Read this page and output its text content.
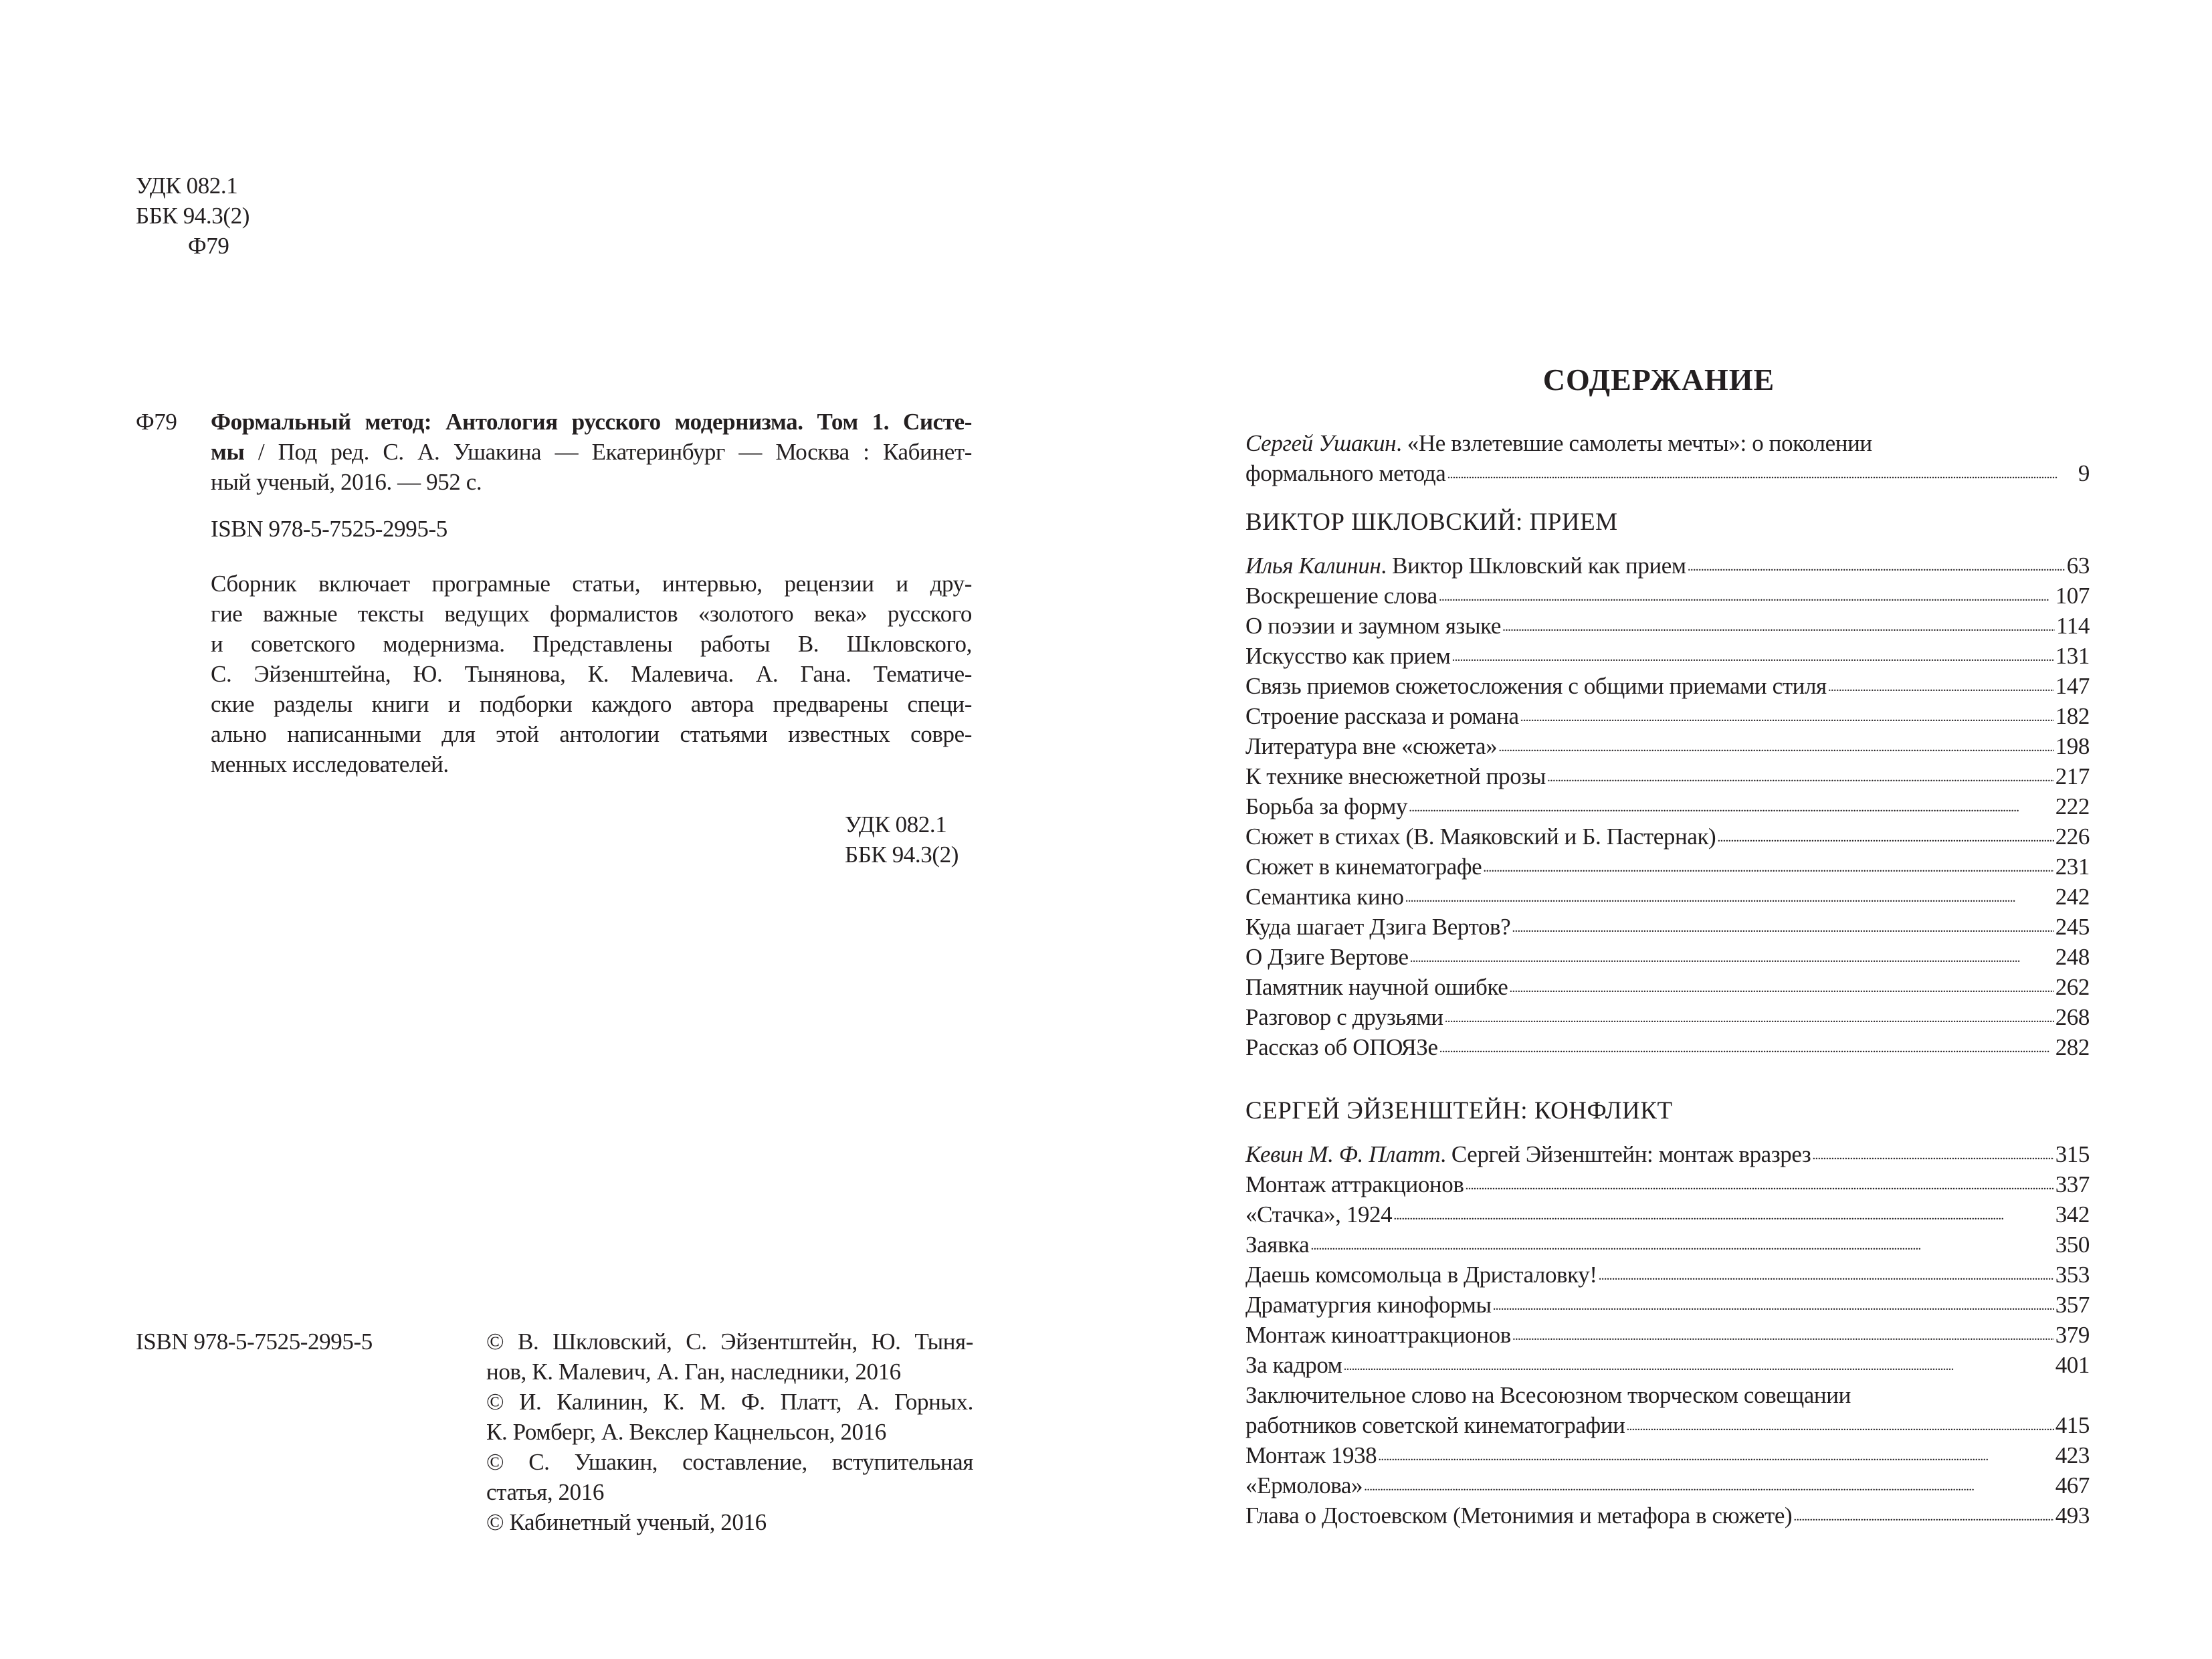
УДК 082.1
ББК 94.3(2)
Ф79
Ф79 Формальный метод: Антология русского модернизма. Том 1. Систе-
мы / Под ред. С. А. Ушакина — Екатеринбург — Москва : Кабинет-
ный ученый, 2016. — 952 с.
ISBN 978-5-7525-2995-5
Сборник включает програмные статьи, интервью, рецензии и дру-
гие важные тексты ведущих формалистов «золотого века» русского
и советского модернизма. Представлены работы В. Шкловского,
С. Эйзенштейна, Ю. Тынянова, К. Малевича. А. Гана. Тематиче-
ские разделы книги и подборки каждого автора предварены специ-
ально написанными для этой антологии статьями известных совре-
менных исследователей.
УДК 082.1
ББК 94.3(2)
ISBN 978-5-7525-2995-5	© В. Шкловский, С. Эйзентштейн, Ю. Тыня-
нов, К. Малевич, А. Ган, наследники, 2016
© И. Калинин, К. М. Ф. Платт, А. Горных.
К. Ромберг, А. Векслер Кацнельсон, 2016
© С. Ушакин, составление, вступительная
статья, 2016
© Кабинетный ученый, 2016
СОДЕРЖАНИЕ
Сергей Ушакин. «Не взлетевшие самолеты мечты»: о поколении
формального метода . . .	9
ВИКТОР ШКЛОВСКИЙ: ПРИЕМ
Илья Калинин. Виктор Шкловский как прием . . .	63
Воскрешение слова . . .	107
О поэзии и заумном языке . . .	114
Искусство как прием . . .	131
Связь приемов сюжетосложения с общими приемами стиля . . .	147
Строение рассказа и романа . . .	182
Литература вне «сюжета» . . .	198
К технике внесюжетной прозы . . .	217
Борьба за форму . . .	222
Сюжет в стихах (В. Маяковский и Б. Пастернак) . . .	226
Сюжет в кинематографе . . .	231
Семантика кино . . .	242
Куда шагает Дзига Вертов? . . .	245
О Дзиге Вертове . . .	248
Памятник научной ошибке . . .	262
Разговор с друзьями . . .	268
Рассказ об ОПОЯЗе . . .	282
СЕРГЕЙ ЭЙЗЕНШТЕЙН: КОНФЛИКТ
Кевин М. Ф. Платт. Сергей Эйзенштейн: монтаж вразрез . . .	315
Монтаж аттракционов . . .	337
«Стачка», 1924 . . .	342
Заявка . . .	350
Даешь комсомольца в Дристаловку! . . .	353
Драматургия киноформы . . .	357
Монтаж киноаттракционов . . .	379
За кадром . . .	401
Заключительное слово на Всесоюзном творческом совещании
работников советской кинематографии . . .	415
Монтаж 1938 . . .	423
«Ермолова» . . .	467
Глава о Достоевском (Метонимия и метафора в сюжете) . . .	493
